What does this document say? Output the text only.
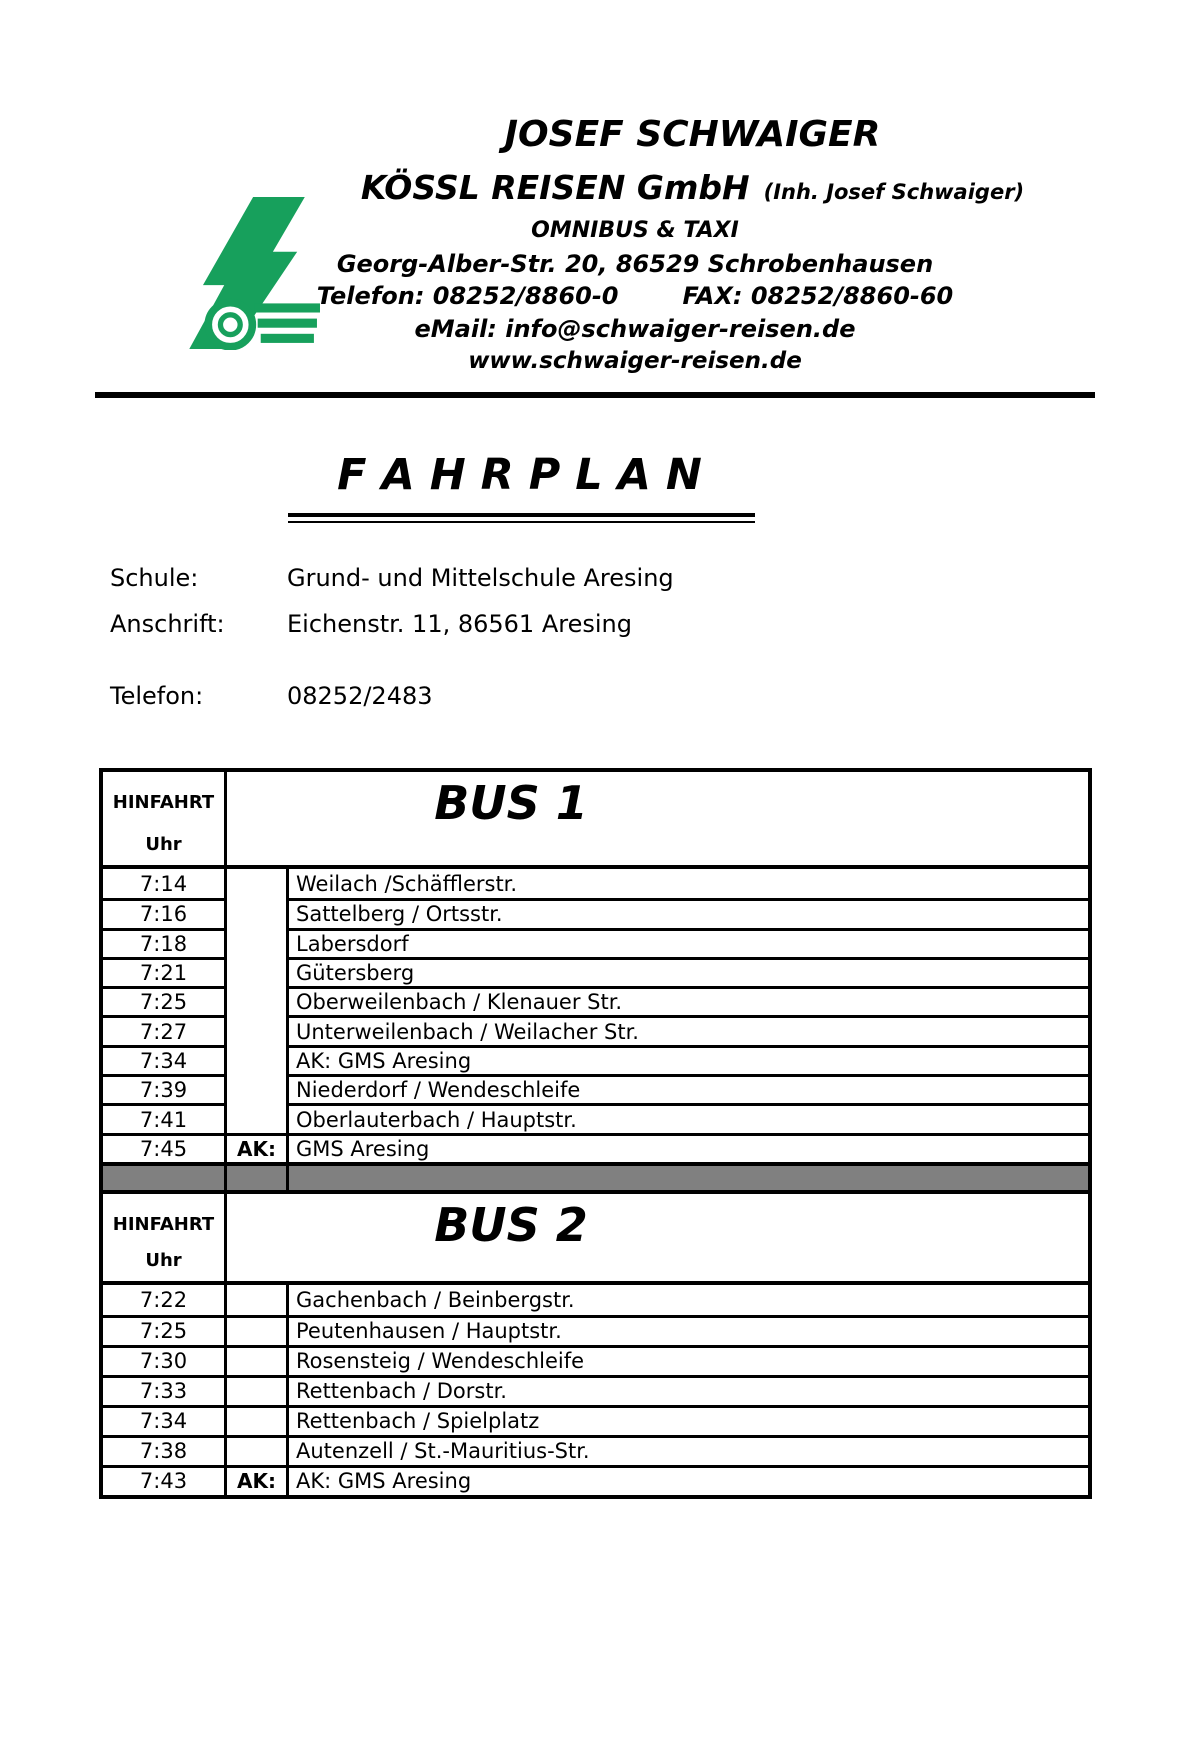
JOSEF SCHWAIGER
KÖSSL REISEN GmbH (Inh. Josef Schwaiger)
OMNIBUS & TAXI
Georg-Alber-Str. 20, 86529 Schrobenhausen
Telefon: 08252/8860-0	FAX: 08252/8860-60
eMail: info@schwaiger-reisen.de
www.schwaiger-reisen.de
F A H R P L A N
Schule:	Grund- und Mittelschule Aresing
Anschrift:	Eichenstr. 11, 86561 Aresing
Telefon:	08252/2483
HINFAHRT
Uhr
BUS 1
7:14	Weilach /Schäfflerstr.
7:16	Sattelberg / Ortsstr.
7:18	Labersdorf
7:21	Gütersberg
7:25	Oberweilenbach / Klenauer Str.
7:27	Unterweilenbach / Weilacher Str.
7:34	AK: GMS Aresing
7:39	Niederdorf / Wendeschleife
7:41	Oberlauterbach / Hauptstr.
7:45	AK: GMS Aresing
HINFAHRT
Uhr
BUS 2
7:22	Gachenbach / Beinbergstr.
7:25	Peutenhausen / Hauptstr.
7:30	Rosensteig / Wendeschleife
7:33	Rettenbach / Dorstr.
7:34	Rettenbach / Spielplatz
7:38	Autenzell / St.-Mauritius-Str.
7:43	AK: AK: GMS Aresing
